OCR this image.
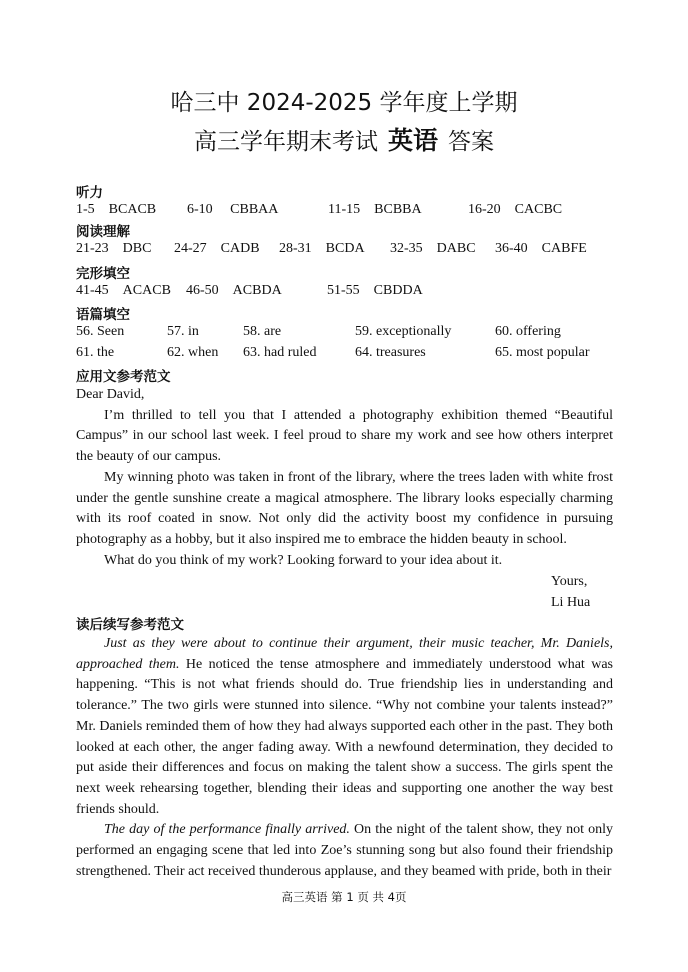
哈三中 2024-2025 学年度上学期
高三学年期末考试 英语 答案
听力
1-5 BCACB 6-10 CBBAA	11-15 BCBBA	16-20 CACBC
阅读理解
21-23 DBC 24-27 CADB 28-31 BCDA 32-35 DABC 36-40 CABFE
完形填空
41-45 ACACB 46-50 ACBDA	51-55 CBDDA
语篇填空
56. Seen	57. in	58. are	59. exceptionally	60. offering
61. the	62. when 63. had ruled	64. treasures	65. most popular
应用文参考范文

Dear David,

I’m thrilled to tell you that I attended a photography exhibition themed “Beautiful Campus” in our school last week. I feel proud to share my work and see how others interpret the beauty of our campus.

My winning photo was taken in front of the library, where the trees laden with white frost under the gentle sunshine create a magical atmosphere. The library looks especially charming with its roof coated in snow. Not only did the activity boost my confidence in pursuing photography as a hobby, but it also inspired me to embrace the hidden beauty in school.

What do you think of my work? Looking forward to your idea about it.

Yours,
Li Hua
读后续写参考范文

Just as they were about to continue their argument, their music teacher, Mr. Daniels, approached them. He noticed the tense atmosphere and immediately understood what was happening. “This is not what friends should do. True friendship lies in understanding and tolerance.” The two girls were stunned into silence. “Why not combine your talents instead?” Mr. Daniels reminded them of how they had always supported each other in the past. They both looked at each other, the anger fading away. With a newfound determination, they decided to put aside their differences and focus on making the talent show a success. The girls spent the next week rehearsing together, blending their ideas and supporting one another the way best friends should.

The day of the performance finally arrived. On the night of the talent show, they not only performed an engaging scene that led into Zoe’s stunning song but also found their friendship strengthened. Their act received thunderous applause, and they beamed with pride, both in their

高三英语 第 1 页 共 4页
